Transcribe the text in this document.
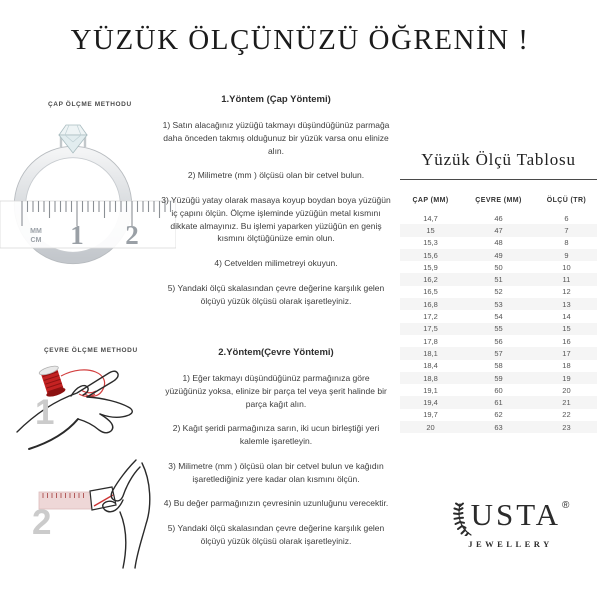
YÜZÜK ÖLÇÜNÜZÜ ÖĞRENİN !
ÇAP ÖLÇME METHODU
MM
CM 1 2
ÇEVRE ÖLÇME METHODU
1
2
1.Yöntem (Çap Yöntemi)

1) Satın alacağınız yüzüğü takmayı düşündüğünüz parmağa daha önceden takmış olduğunuz bir yüzük varsa onu elinize alın.

2) Milimetre (mm ) ölçüsü olan bir cetvel bulun.

3) Yüzüğü yatay olarak masaya koyup boydan boya yüzüğün iç çapını ölçün. Ölçme işleminde yüzüğün metal kısmını dikkate almayınız. Bu işlemi yaparken yüzüğün en geniş kısmını ölçtüğünüze emin olun.

4) Cetvelden milimetreyi okuyun.

5) Yandaki ölçü skalasından çevre değerine karşılık gelen ölçüyü yüzük ölçüsü olarak işaretleyiniz.

2.Yöntem(Çevre Yöntemi)

1) Eğer takmayı düşündüğünüz parmağınıza göre yüzüğünüz yoksa, elinize bir parça tel veya şerit halinde bir parça kağıt alın.

2) Kağıt şeridi parmağınıza sarın, iki ucun birleştiği yeri kalemle işaretleyin.

3) Milimetre (mm ) ölçüsü olan bir cetvel bulun ve kağıdın işaretlediğiniz yere kadar olan kısmını ölçün.

4) Bu değer parmağınızın çevresinin uzunluğunu verecektir.

5) Yandaki ölçü skalasından çevre değerine karşılık gelen ölçüyü yüzük ölçüsü olarak işaretleyiniz.

Yüzük Ölçü Tablosu
ÇAP (MM)	ÇEVRE (MM)	ÖLÇÜ (TR)
14,7	46	6
15	47	7
15,3	48	8
15,6	49	9
15,9	50	10
16,2	51	11
16,5	52	12
16,8	53	13
17,2	54	14
17,5	55	15
17,8	56	16
18,1	57	17
18,4	58	18
18,8	59	19
19,1	60	20
19,4	61	21
19,7	62	22
20	63	23
USTA ®
JEWELLERY
